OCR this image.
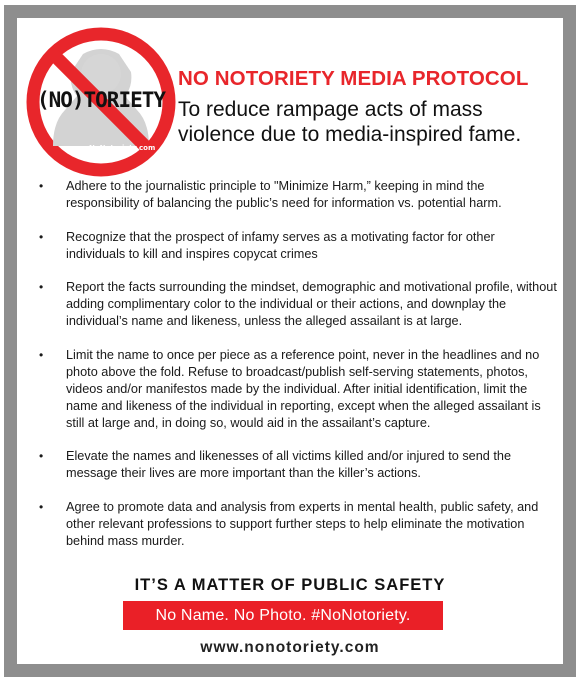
(NO)TORIETY
NoNotoriety.com
NO NOTORIETY MEDIA PROTOCOL
To reduce rampage acts of mass
violence due to media-inspired fame.
• Adhere to the journalistic principle to "Minimize Harm,” keeping in mind the responsibility of balancing the public’s need for information vs. potential harm.
• Recognize that the prospect of infamy serves as a motivating factor for other individuals to kill and inspires copycat crimes
• Report the facts surrounding the mindset, demographic and motivational profile, without adding complimentary color to the individual or their actions, and downplay the individual’s name and likeness, unless the alleged assailant is at large.
• Limit the name to once per piece as a reference point, never in the headlines and no photo above the fold. Refuse to broadcast/publish self-serving statements, photos, videos and/or manifestos made by the individual. After initial identification, limit the name and likeness of the individual in reporting, except when the alleged assailant is still at large and, in doing so, would aid in the assailant’s capture.
• Elevate the names and likenesses of all victims killed and/or injured to send the message their lives are more important than the killer’s actions.
• Agree to promote data and analysis from experts in mental health, public safety, and other relevant professions to support further steps to help eliminate the motivation behind mass murder.
IT’S A MATTER OF PUBLIC SAFETY
No Name. No Photo. #NoNotoriety.
www.nonotoriety.com
